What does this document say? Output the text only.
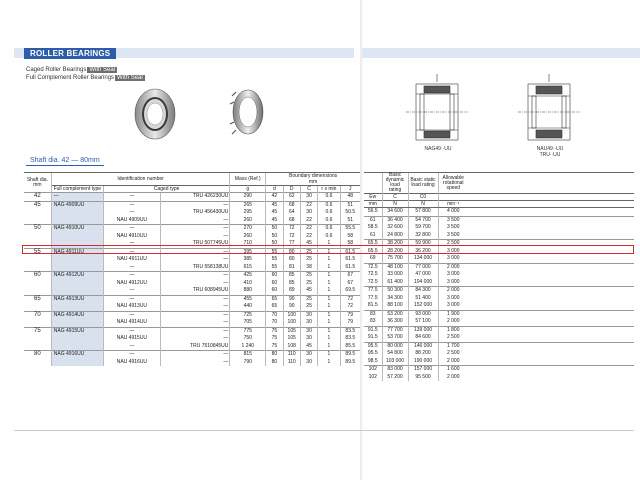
ROLLER BEARINGS
Caged Roller Bearings With Seal
Full Complement Roller Bearings With Seal
Shaft dia. 42 — 80mm
NAG49··UU	NAU49··UU
TRU··UU
Shaft dia. mm	Identification number			Mass (Ref.)	Boundary dimensions
mm				

	Full complement type	Caged type		g	d	D	C	r s min	J

42	—	—	TRU 426230UU	290	42	62	30	0.6	48
45	NAG 4909UU	—	—	265	45	68	22	0.6	51
		—	TRU 456430UU	295	45	64	30	0.6	50.5
		NAU 4909UU	—	260	45	68	22	0.6	51
50	NAG 4910UU	—	—	270	50	72	22	0.6	55.5
		NAU 4910UU	—	260	50	72	22	0.6	58
		—	TRU 507745UU	710	50	77	45	1	58
55	NAG 4911UU	—	—	395	55	80	25	1	61.5
		NAU 4911UU	—	385	55	80	25	1	61.5
		—	TRU 558138UU	615	55	81	38	1	61.5
60	NAG 4912UU	—	—	425	60	85	25	1	67
		NAU 4912UU	—	410	60	85	25	1	67
		—	TRU 608945UU	880	60	89	45	1	69.5
65	NAG 4913UU	—	—	455	65	90	25	1	72
		NAU 4913UU	—	440	65	90	25	1	72
70	NAG 4914UU	—	—	725	70	100	30	1	79
		NAU 4914UU	—	705	70	100	30	1	79
75	NAG 4915UU	—	—	775	75	105	30	1	83.5
		NAU 4915UU	—	750	75	105	30	1	83.5
		—	TRU 7510845UU	1 240	75	108	45	1	85.5
80	NAG 4916UU	—	—	815	80	110	30	1	89.5
		NAU 4916UU	—	790	80	110	30	1	89.5
	Basic dynamic load rating	Basic static load rating	Allowable rotational speed	
Ew	C	C0		
mm	N	N	min⁻¹	
56.5	34 600	57 800	4 000	
61	36 400	54 700	3 500	
58.5	32 600	59 700	3 500	
61	24 800	32 800	3 500	
65.5	38 200	59 900	2 500	
65.5	28 200	36 200	3 000	
69	75 700	134 000	3 000	
72.5	48 100	77 000	2 000	
72.5	33 000	47 000	3 000	
72.5	61 400	104 000	3 000	
77.5	50 300	84 300	2 000	
77.5	34 300	51 400	3 000	
81.5	88 100	152 000	3 000	
83	53 200	93 000	1 900	
83	36 300	57 100	2 000	
91.5	77 700	139 000	1 800	
91.5	53 700	84 600	2 500	
95.5	80 000	146 000	1 700	
95.5	54 800	88 200	2 500	
98.5	103 000	190 000	2 000	
102	83 000	157 000	1 600	
102	57 200	95 500	2 000	
